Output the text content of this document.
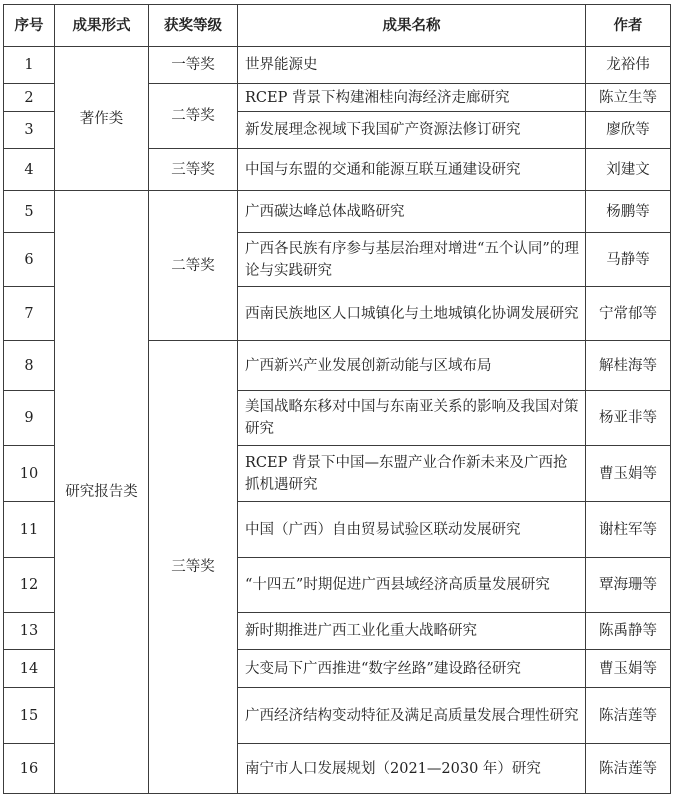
序号	成果形式	获奖等级	成果名称	作者
1	著作类	一等奖	世界能源史	龙裕伟
2		二等奖	RCEP 背景下构建湘桂向海经济走廊研究	陈立生等
3			新发展理念视域下我国矿产资源法修订研究	廖欣等
4		三等奖	中国与东盟的交通和能源互联互通建设研究	刘建文
5	研究报告类	二等奖	广西碳达峰总体战略研究	杨鹏等
6			广西各民族有序参与基层治理对增进“五个认同”的理论与实践研究	马静等
7			西南民族地区人口城镇化与土地城镇化协调发展研究	宁常郁等
8		三等奖	广西新兴产业发展创新动能与区域布局	解桂海等
9			美国战略东移对中国与东南亚关系的影响及我国对策研究	杨亚非等
10			RCEP 背景下中国—东盟产业合作新未来及广西抢抓机遇研究	曹玉娟等
11			中国（广西）自由贸易试验区联动发展研究	谢柱军等
12			“十四五”时期促进广西县域经济高质量发展研究	覃海珊等
13			新时期推进广西工业化重大战略研究	陈禹静等
14			大变局下广西推进“数字丝路”建设路径研究	曹玉娟等
15			广西经济结构变动特征及满足高质量发展合理性研究	陈洁莲等
16			南宁市人口发展规划（2021—2030 年）研究	陈洁莲等
